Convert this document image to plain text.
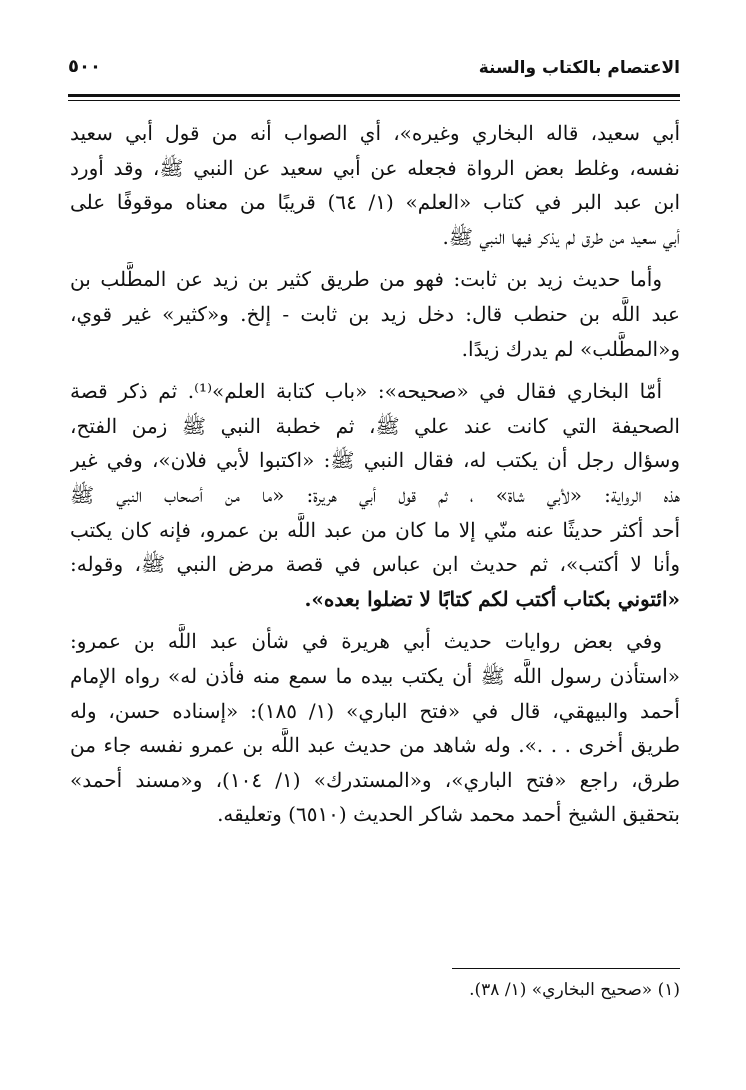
الاعتصام بالكتاب والسنة
٥٠٠
أبي سعيد، قاله البخاري وغيره»، أي الصواب أنه من قول أبي سعيد
نفسه، وغلط بعض الرواة فجعله عن أبي سعيد عن النبي ﷺ، وقد أورد
ابن عبد البر في كتاب «العلم» (١/ ٦٤) قريبًا من معناه موقوفًا على
أبي سعيد من طرق لم يذكر فيها النبي ﷺ.
وأما حديث زيد بن ثابت: فهو من طريق كثير بن زيد عن المطَّلب بن
عبد اللَّه بن حنطب قال: دخل زيد بن ثابت - إلخ. و«كثير» غير قوي،
و«المطَّلب» لم يدرك زيدًا.
أمّا البخاري فقال في «صحيحه»: «باب كتابة العلم»⁽¹⁾. ثم ذكر قصة
الصحيفة التي كانت عند علي ﷺ، ثم خطبة النبي ﷺ زمن الفتح،
وسؤال رجل أن يكتب له، فقال النبي ﷺ: «اكتبوا لأبي فلان»، وفي غير
هذه الرواية: «لأبي شاة» ، ثم قول أبي هريرة: «ما من أصحاب النبي ﷺ
أحد أكثر حديثًا عنه منّي إلا ما كان من عبد اللَّه بن عمرو، فإنه كان يكتب
وأنا لا أكتب»، ثم حديث ابن عباس في قصة مرض النبي ﷺ، وقوله:
«ائتوني بكتاب أكتب لكم كتابًا لا تضلوا بعده».
وفي بعض روايات حديث أبي هريرة في شأن عبد اللَّه بن عمرو:
«استأذن رسول اللَّه ﷺ أن يكتب بيده ما سمع منه فأذن له» رواه الإمام
أحمد والبيهقي، قال في «فتح الباري» (١/ ١٨٥): «إسناده حسن، وله
طريق أخرى . . .». وله شاهد من حديث عبد اللَّه بن عمرو نفسه جاء من
طرق، راجع «فتح الباري»، و«المستدرك» (١/ ١٠٤)، و«مسند أحمد»
بتحقيق الشيخ أحمد محمد شاكر الحديث (٦٥١٠) وتعليقه.
(١) «صحيح البخاري» (١/ ٣٨).
